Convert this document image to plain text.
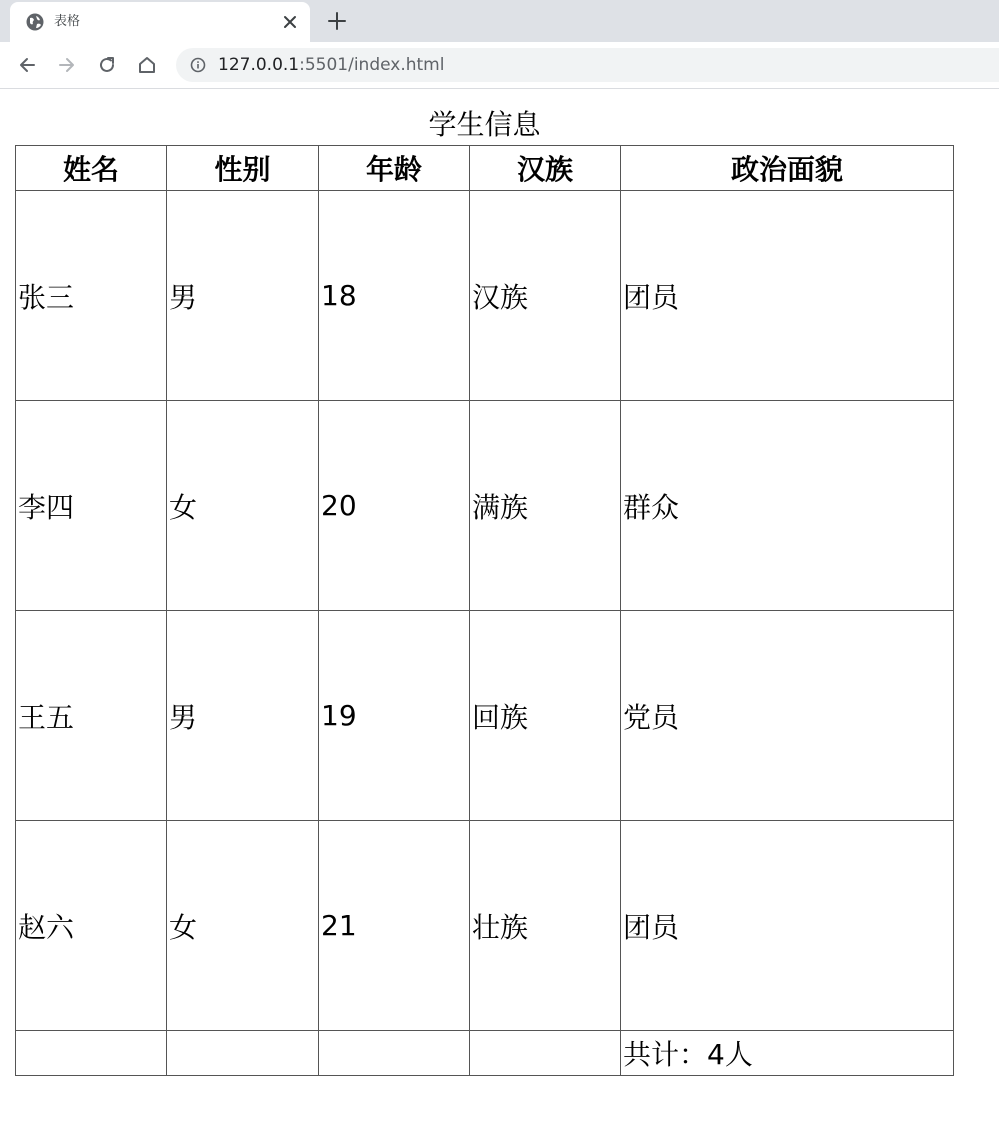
表格
127.0.0.1:5501/index.html
学生信息
姓名	性别	年龄	汉族	政治面貌
张三	男	18	汉族	团员
李四	女	20	满族	群众
王五	男	19	回族	党员
赵六	女	21	壮族	团员
				共计：4人
